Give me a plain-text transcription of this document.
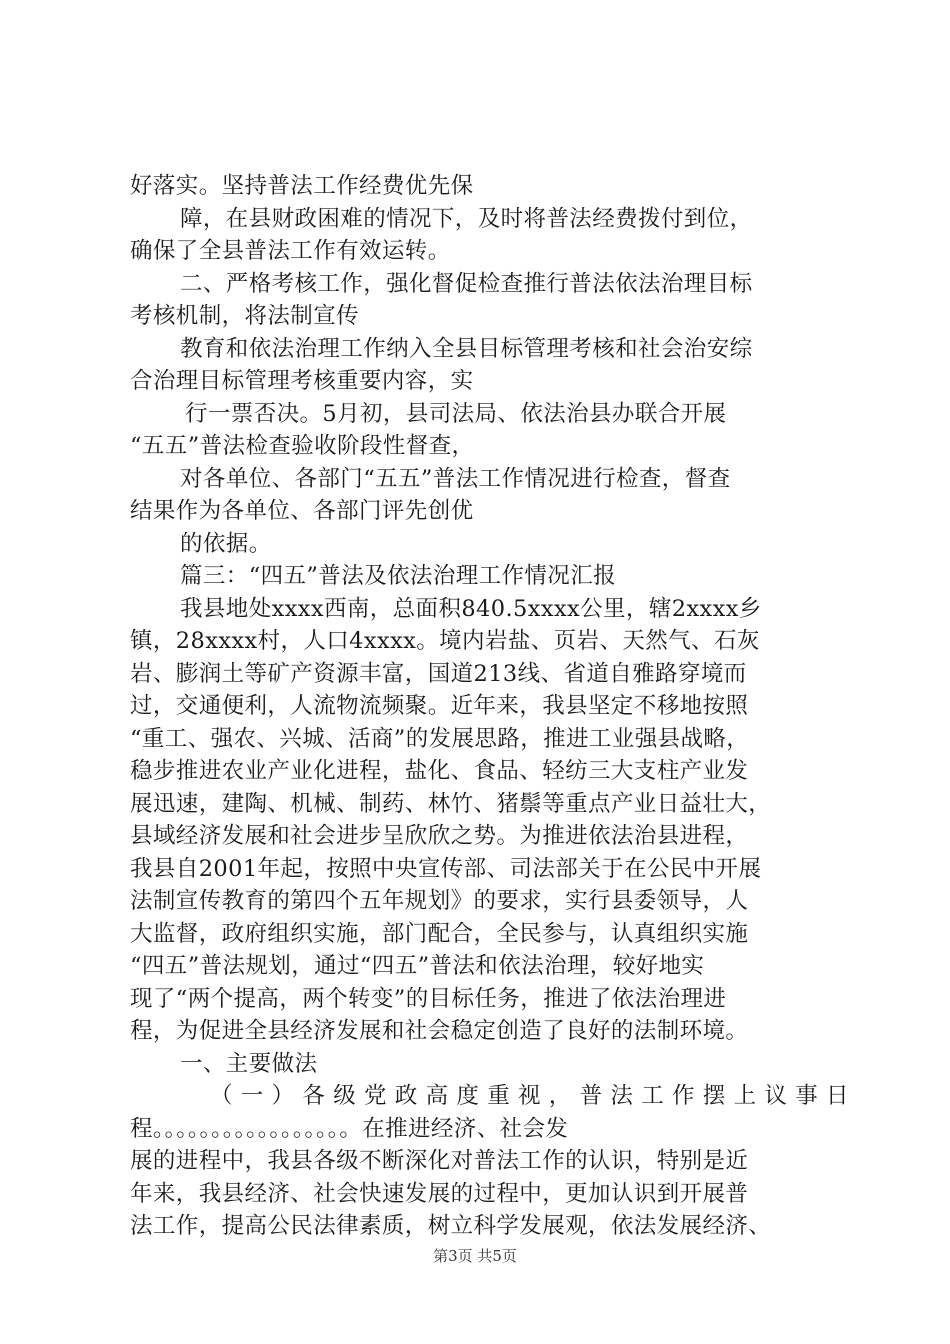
好落实。坚持普法工作经费优先保
障，在县财政困难的情况下，及时将普法经费拨付到位，
确保了全县普法工作有效运转。
二、严格考核工作，强化督促检查推行普法依法治理目标
考核机制，将法制宣传
教育和依法治理工作纳入全县目标管理考核和社会治安综
合治理目标管理考核重要内容，实
行一票否决。5月初，县司法局、依法治县办联合开展
“五五”普法检查验收阶段性督查，
对各单位、各部门“五五”普法工作情况进行检查，督查
结果作为各单位、各部门评先创优
的依据。
篇三：“四五”普法及依法治理工作情况汇报
我县地处xxxx西南，总面积840.5xxxx公里，辖2xxxx乡
镇，28xxxx村，人口4xxxx。境内岩盐、页岩、天然气、石灰
岩、膨润土等矿产资源丰富，国道213线、省道自雅路穿境而
过，交通便利，人流物流频聚。近年来，我县坚定不移地按照
“重工、强农、兴城、活商”的发展思路，推进工业强县战略，
稳步推进农业产业化进程，盐化、食品、轻纺三大支柱产业发
展迅速，建陶、机械、制药、林竹、猪鬃等重点产业日益壮大，
县域经济发展和社会进步呈欣欣之势。为推进依法治县进程，
我县自2001年起，按照中央宣传部、司法部关于在公民中开展
法制宣传教育的第四个五年规划》的要求，实行县委领导，人
大监督，政府组织实施，部门配合，全民参与，认真组织实施
“四五”普法规划，通过“四五”普法和依法治理，较好地实
现了“两个提高，两个转变”的目标任务，推进了依法治理进
程，为促进全县经济发展和社会稳定创造了良好的法制环境。
一、主要做法
（一）各级党政高度重视，普法工作摆上议事日
程。。。。。。。。。。。。。。。。。在推进经济、社会发
展的进程中，我县各级不断深化对普法工作的认识，特别是近
年来，我县经济、社会快速发展的过程中，更加认识到开展普
法工作，提高公民法律素质，树立科学发展观，依法发展经济、
第3页 共5页
